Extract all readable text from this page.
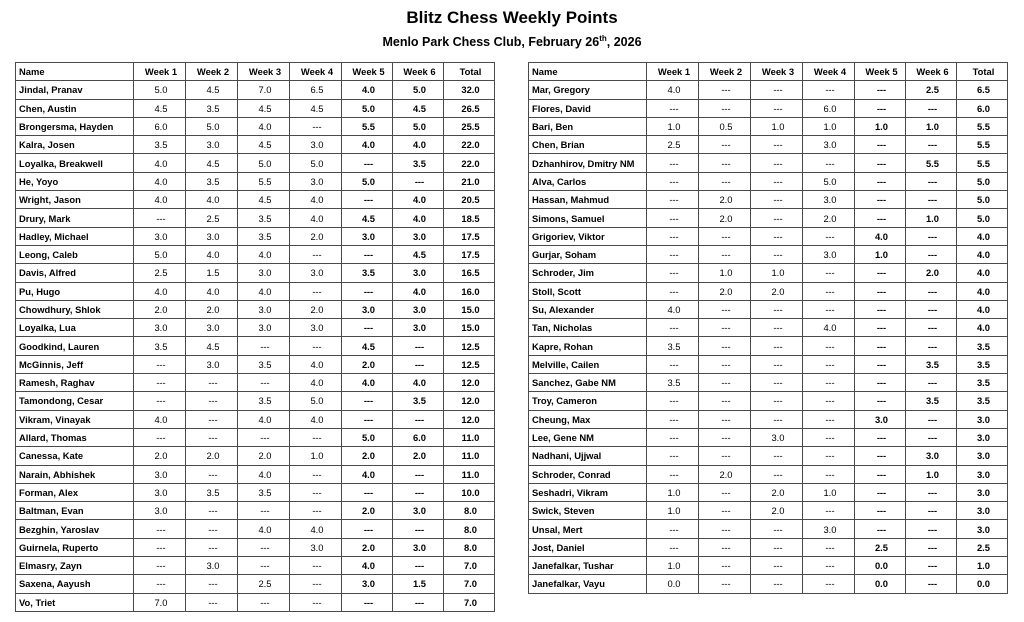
Blitz Chess Weekly Points
Menlo Park Chess Club, February 26th, 2026
Name	Week 1	Week 2	Week 3	Week 4	Week 5	Week 6	Total
Jindal, Pranav	5.0	4.5	7.0	6.5	4.0	5.0	32.0
Chen, Austin	4.5	3.5	4.5	4.5	5.0	4.5	26.5
Brongersma, Hayden	6.0	5.0	4.0	---	5.5	5.0	25.5
Kalra, Josen	3.5	3.0	4.5	3.0	4.0	4.0	22.0
Loyalka, Breakwell	4.0	4.5	5.0	5.0	---	3.5	22.0
He, Yoyo	4.0	3.5	5.5	3.0	5.0	---	21.0
Wright, Jason	4.0	4.0	4.5	4.0	---	4.0	20.5
Drury, Mark	---	2.5	3.5	4.0	4.5	4.0	18.5
Hadley, Michael	3.0	3.0	3.5	2.0	3.0	3.0	17.5
Leong, Caleb	5.0	4.0	4.0	---	---	4.5	17.5
Davis, Alfred	2.5	1.5	3.0	3.0	3.5	3.0	16.5
Pu, Hugo	4.0	4.0	4.0	---	---	4.0	16.0
Chowdhury, Shlok	2.0	2.0	3.0	2.0	3.0	3.0	15.0
Loyalka, Lua	3.0	3.0	3.0	3.0	---	3.0	15.0
Goodkind, Lauren	3.5	4.5	---	---	4.5	---	12.5
McGinnis, Jeff	---	3.0	3.5	4.0	2.0	---	12.5
Ramesh, Raghav	---	---	---	4.0	4.0	4.0	12.0
Tamondong, Cesar	---	---	3.5	5.0	---	3.5	12.0
Vikram, Vinayak	4.0	---	4.0	4.0	---	---	12.0
Allard, Thomas	---	---	---	---	5.0	6.0	11.0
Canessa, Kate	2.0	2.0	2.0	1.0	2.0	2.0	11.0
Narain, Abhishek	3.0	---	4.0	---	4.0	---	11.0
Forman, Alex	3.0	3.5	3.5	---	---	---	10.0
Baltman, Evan	3.0	---	---	---	2.0	3.0	8.0
Bezghin, Yaroslav	---	---	4.0	4.0	---	---	8.0
Guirnela, Ruperto	---	---	---	3.0	2.0	3.0	8.0
Elmasry, Zayn	---	3.0	---	---	4.0	---	7.0
Saxena, Aayush	---	---	2.5	---	3.0	1.5	7.0
Vo, Triet	7.0	---	---	---	---	---	7.0
Name	Week 1	Week 2	Week 3	Week 4	Week 5	Week 6	Total
Mar, Gregory	4.0	---	---	---	---	2.5	6.5
Flores, David	---	---	---	6.0	---	---	6.0
Bari, Ben	1.0	0.5	1.0	1.0	1.0	1.0	5.5
Chen, Brian	2.5	---	---	3.0	---	---	5.5
Dzhanhirov, Dmitry NM	---	---	---	---	---	5.5	5.5
Alva, Carlos	---	---	---	5.0	---	---	5.0
Hassan, Mahmud	---	2.0	---	3.0	---	---	5.0
Simons, Samuel	---	2.0	---	2.0	---	1.0	5.0
Grigoriev, Viktor	---	---	---	---	4.0	---	4.0
Gurjar, Soham	---	---	---	3.0	1.0	---	4.0
Schroder, Jim	---	1.0	1.0	---	---	2.0	4.0
Stoll, Scott	---	2.0	2.0	---	---	---	4.0
Su, Alexander	4.0	---	---	---	---	---	4.0
Tan, Nicholas	---	---	---	4.0	---	---	4.0
Kapre, Rohan	3.5	---	---	---	---	---	3.5
Melville, Cailen	---	---	---	---	---	3.5	3.5
Sanchez, Gabe NM	3.5	---	---	---	---	---	3.5
Troy, Cameron	---	---	---	---	---	3.5	3.5
Cheung, Max	---	---	---	---	3.0	---	3.0
Lee, Gene NM	---	---	3.0	---	---	---	3.0
Nadhani, Ujjwal	---	---	---	---	---	3.0	3.0
Schroder, Conrad	---	2.0	---	---	---	1.0	3.0
Seshadri, Vikram	1.0	---	2.0	1.0	---	---	3.0
Swick, Steven	1.0	---	2.0	---	---	---	3.0
Unsal, Mert	---	---	---	3.0	---	---	3.0
Jost, Daniel	---	---	---	---	2.5	---	2.5
Janefalkar, Tushar	1.0	---	---	---	0.0	---	1.0
Janefalkar, Vayu	0.0	---	---	---	0.0	---	0.0
